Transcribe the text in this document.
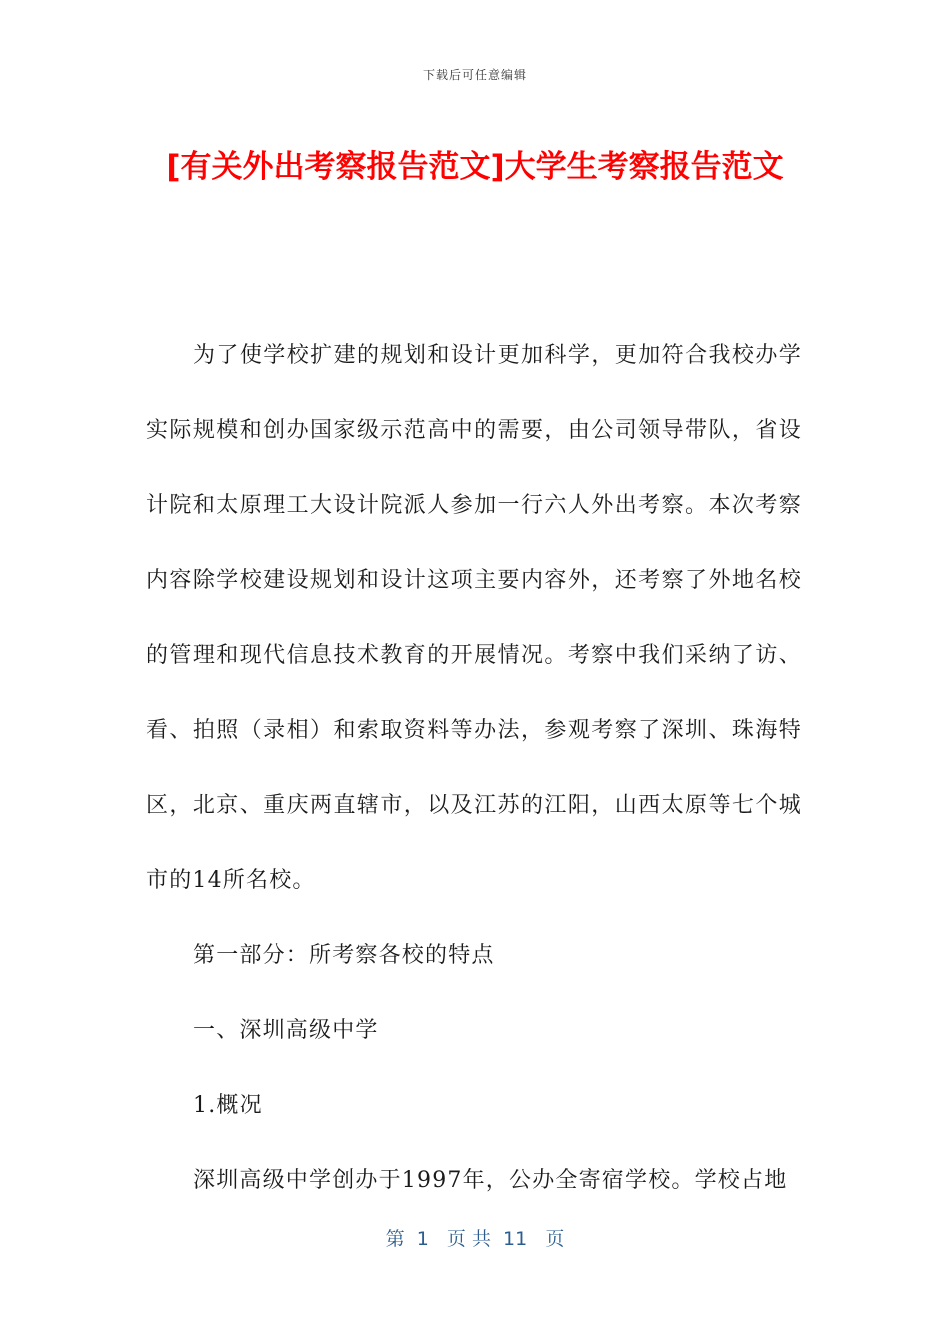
下载后可任意编辑
[有关外出考察报告范文]大学生考察报告范文

为了使学校扩建的规划和设计更加科学，更加符合我校办学实际规模和创办国家级示范高中的需要，由公司领导带队，省设计院和太原理工大设计院派人参加一行六人外出考察。本次考察内容除学校建设规划和设计这项主要内容外，还考察了外地名校的管理和现代信息技术教育的开展情况。考察中我们采纳了访、看、拍照（录相）和索取资料等办法，参观考察了深圳、珠海特区，北京、重庆两直辖市，以及江苏的江阳，山西太原等七个城市的14所名校。

第一部分：所考察各校的特点

一、深圳高级中学

1.概况

深圳高级中学创办于1997年，公办全寄宿学校。学校占地

第  1   页 共  11   页
